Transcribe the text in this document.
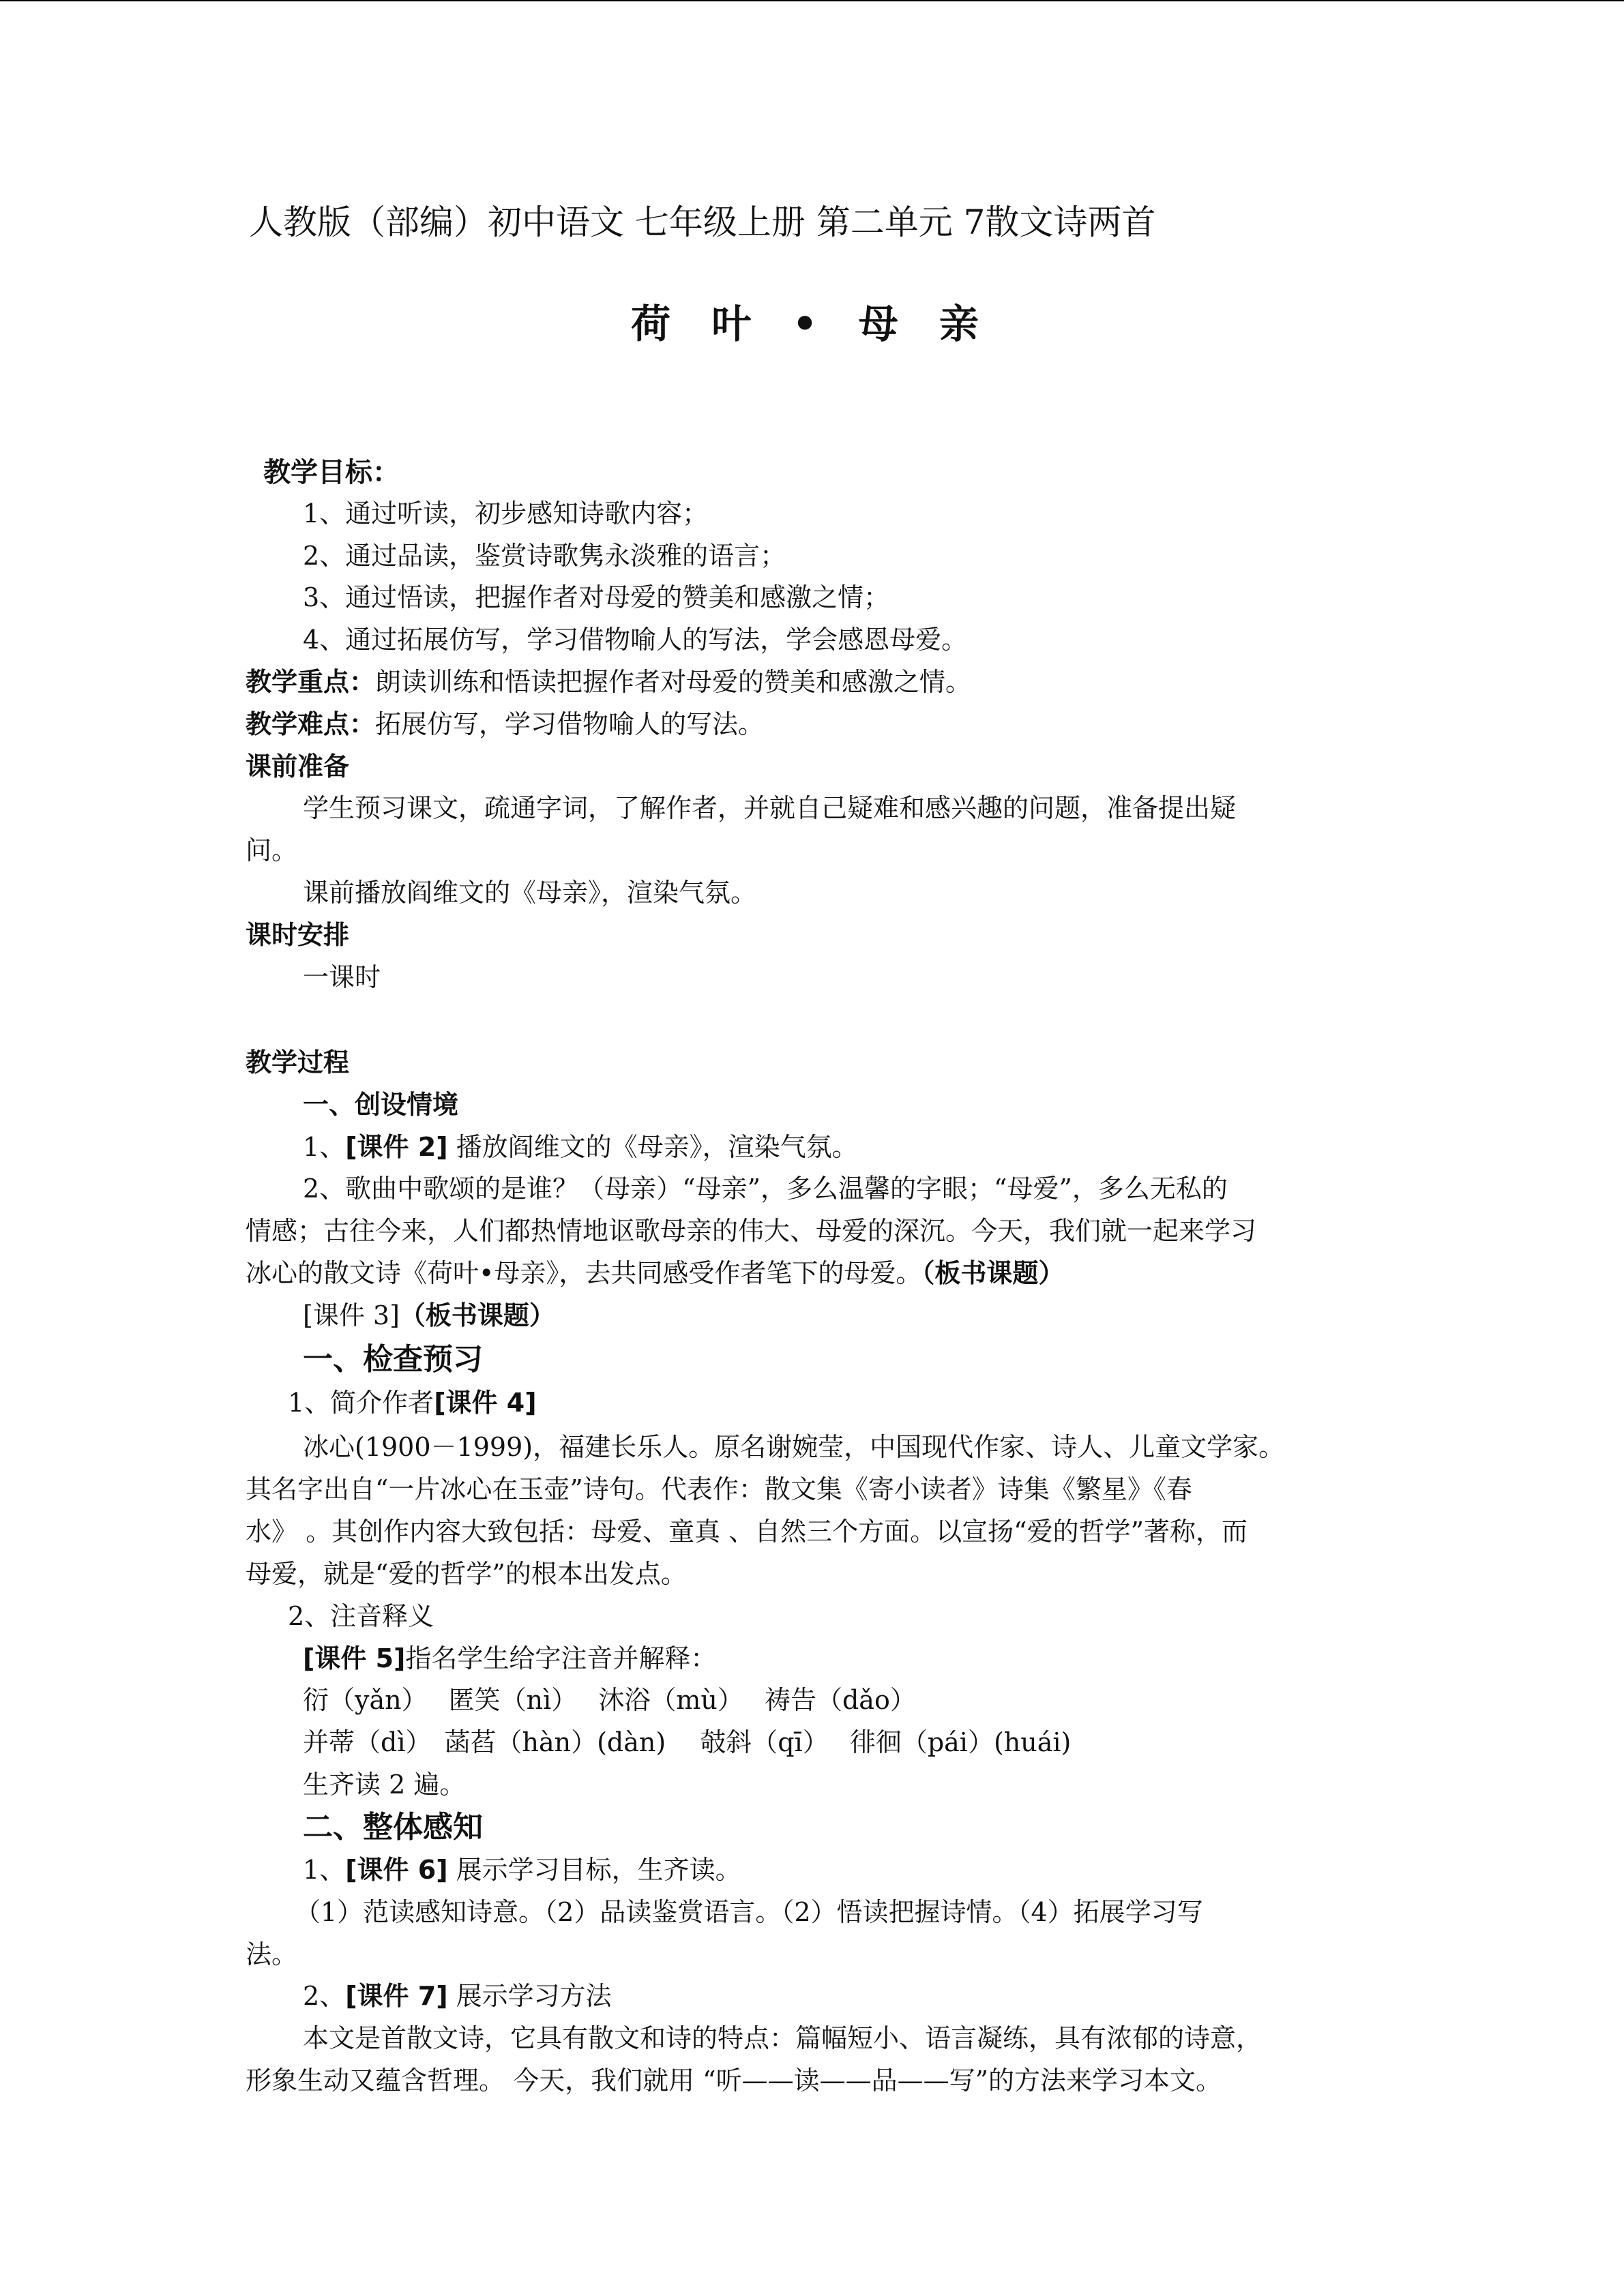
人教版（部编）初中语文 七年级上册 第二单元 7散文诗两首
荷 叶 • 母 亲
教学目标：
1、通过听读，初步感知诗歌内容；
2、通过品读，鉴赏诗歌隽永淡雅的语言；
3、通过悟读，把握作者对母爱的赞美和感激之情；
4、通过拓展仿写，学习借物喻人的写法，学会感恩母爱。
教学重点：朗读训练和悟读把握作者对母爱的赞美和感激之情。
教学难点：拓展仿写，学习借物喻人的写法。
课前准备
学生预习课文，疏通字词，了解作者，并就自己疑难和感兴趣的问题，准备提出疑
问。
课前播放阎维文的《母亲》，渲染气氛。
课时安排
一课时
教学过程
一、创设情境
1、[课件 2] 播放阎维文的《母亲》，渲染气氛。
2、歌曲中歌颂的是谁？（母亲）“母亲”，多么温馨的字眼；“母爱”，多么无私的
情感；古往今来，人们都热情地讴歌母亲的伟大、母爱的深沉。今天，我们就一起来学习
冰心的散文诗《荷叶•母亲》，去共同感受作者笔下的母爱。（板书课题）
[课件 3]（板书课题）
一、检查预习
1、简介作者[课件 4]
冰心(1900－1999)，福建长乐人。原名谢婉莹，中国现代作家、诗人、儿童文学家。
其名字出自“一片冰心在玉壶”诗句。代表作：散文集《寄小读者》诗集《繁星》《春
水》 。其创作内容大致包括：母爱、童真 、自然三个方面。以宣扬“爱的哲学”著称，而
母爱，就是“爱的哲学”的根本出发点。
2、注音释义
[课件 5]指名学生给字注音并解释：
衍（yǎn）　 匿笑（nì）　 沐浴（mù）　 祷告（dǎo）
并蒂（dì）　菡萏（hàn）(dàn)　 攲斜（qī）　 徘徊（pái）(huái)
生齐读 2 遍。
二、整体感知
1、[课件 6] 展示学习目标，生齐读。
（1）范读感知诗意。（2）品读鉴赏语言。（2）悟读把握诗情。（4）拓展学习写
法。
2、[课件 7] 展示学习方法
本文是首散文诗，它具有散文和诗的特点：篇幅短小、语言凝练，具有浓郁的诗意，
形象生动又蕴含哲理。 今天，我们就用 “听——读——品——写”的方法来学习本文。
